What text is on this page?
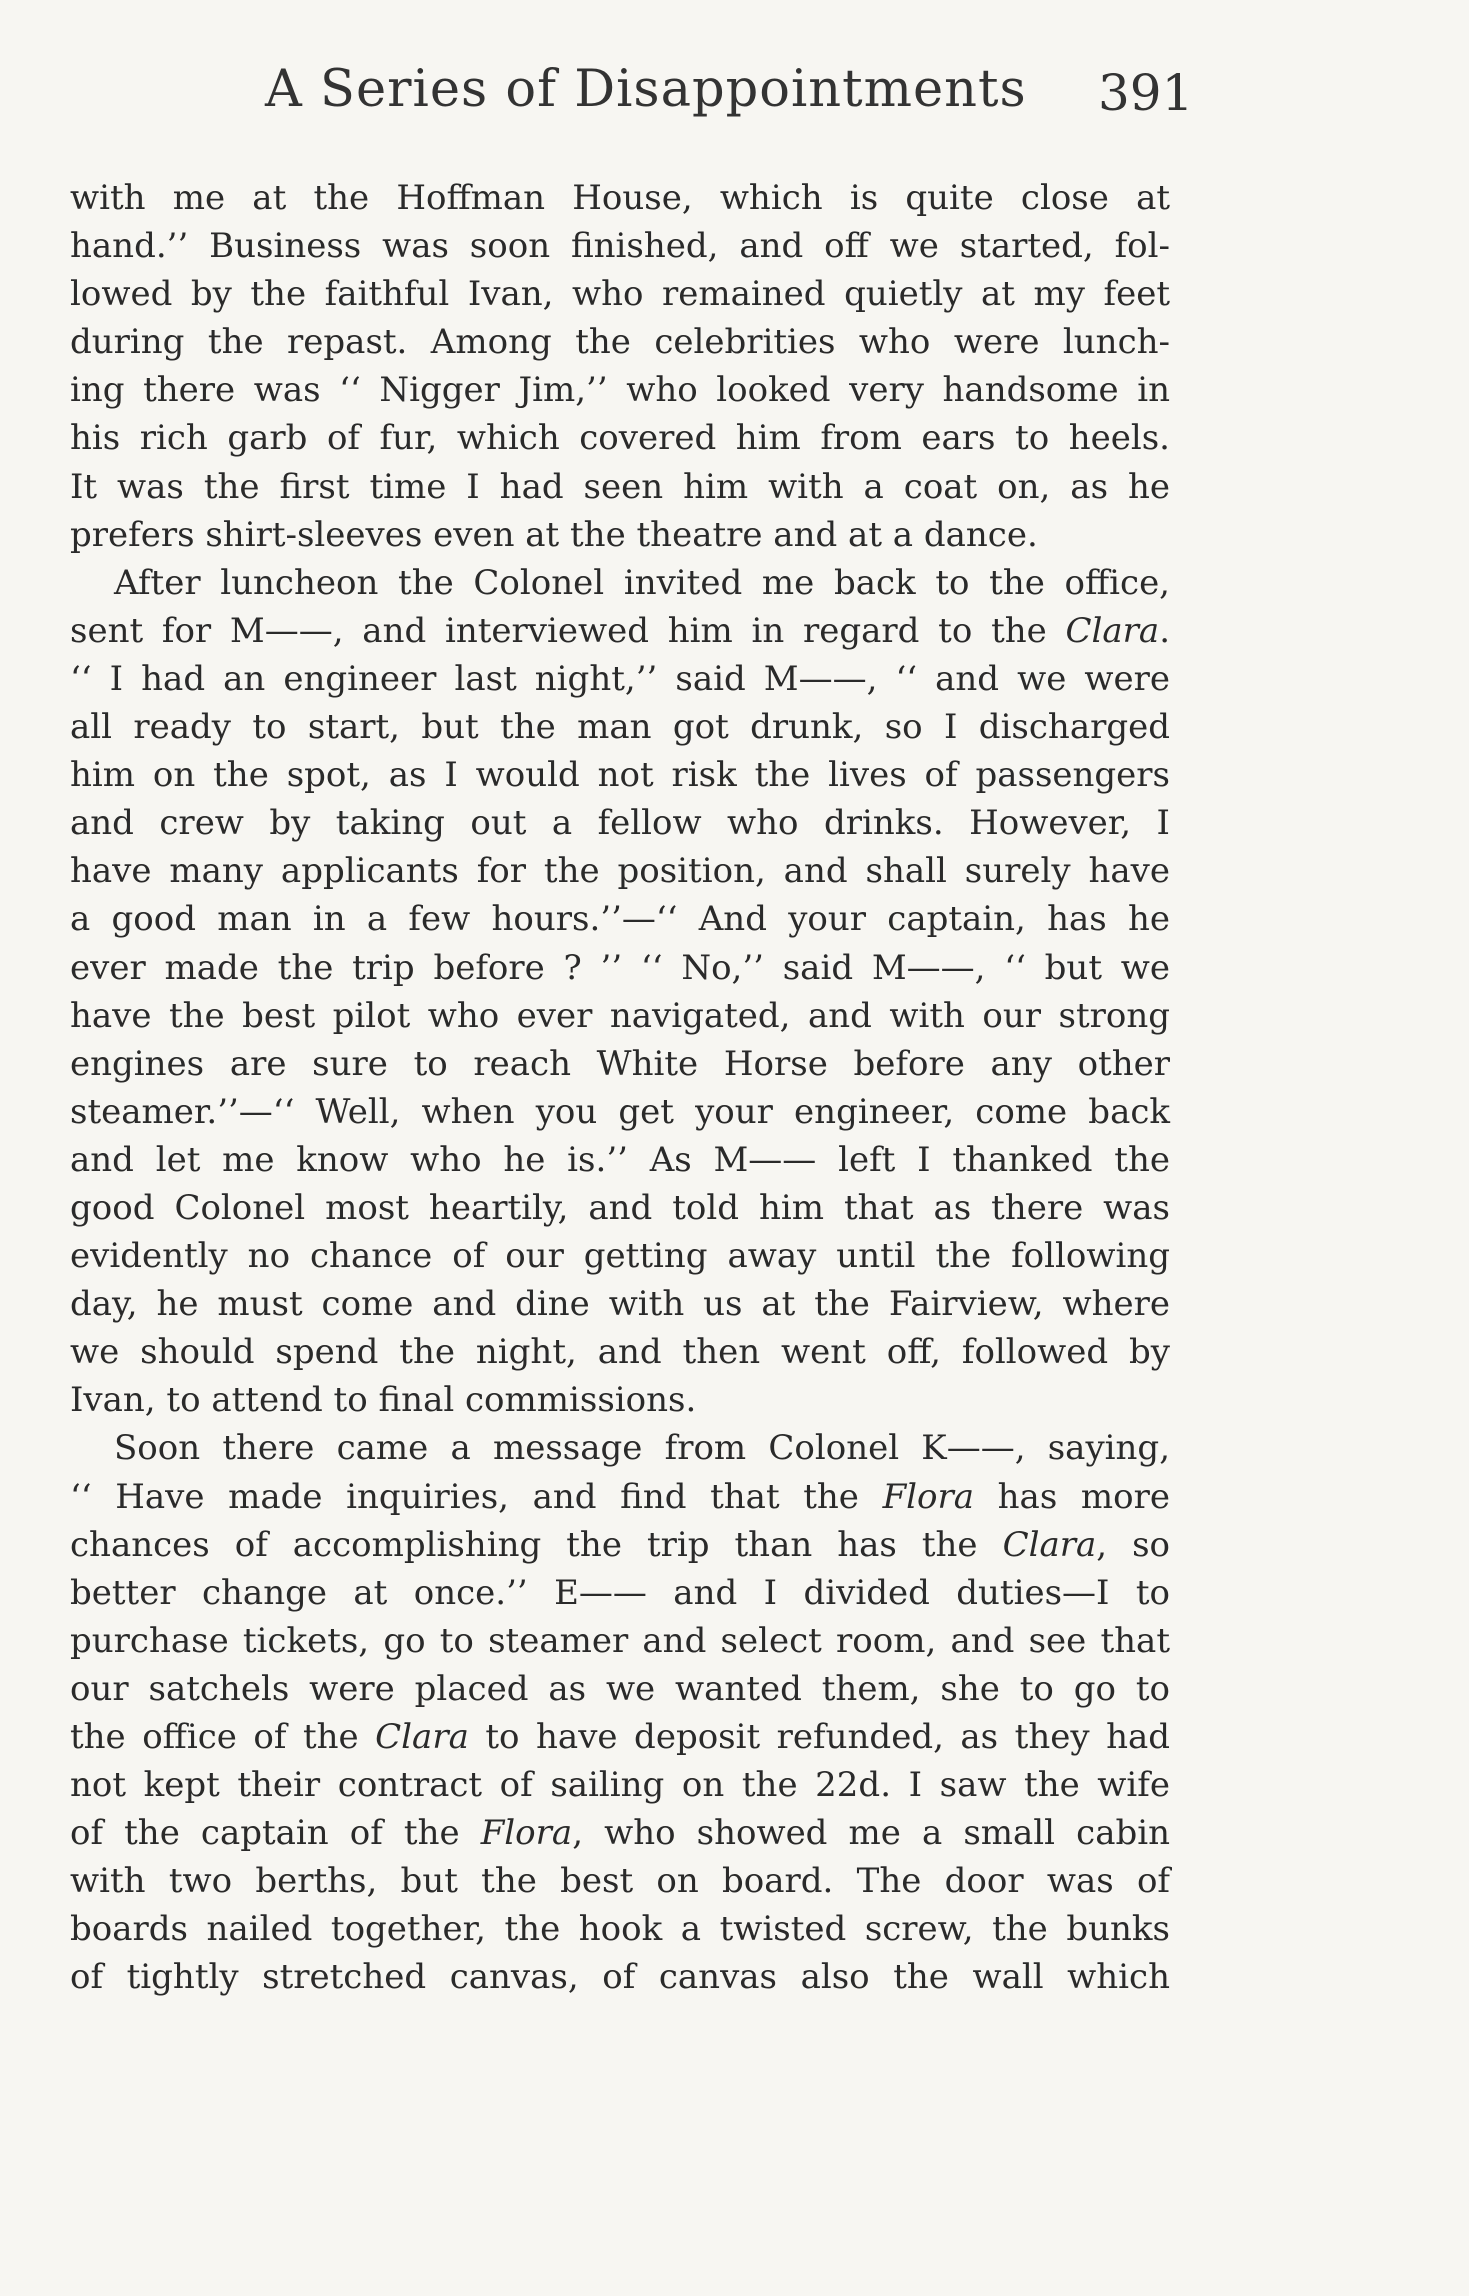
A Series of Disappointments 391
with me at the Hoffman House, which is quite close at
hand.’’ Business was soon finished, and off we started, fol-
lowed by the faithful Ivan, who remained quietly at my feet
during the repast. Among the celebrities who were lunch-
ing there was ‘‘ Nigger Jim,’’ who looked very handsome in
his rich garb of fur, which covered him from ears to heels.
It was the first time I had seen him with a coat on, as he
prefers shirt-sleeves even at the theatre and at a dance.
After luncheon the Colonel invited me back to the office,
sent for M——, and interviewed him in regard to the Clara.
‘‘ I had an engineer last night,’’ said M——, ‘‘ and we were
all ready to start, but the man got drunk, so I discharged
him on the spot, as I would not risk the lives of passengers
and crew by taking out a fellow who drinks. However, I
have many applicants for the position, and shall surely have
a good man in a few hours.’’—‘‘ And your captain, has he
ever made the trip before ? ’’ ‘‘ No,’’ said M——, ‘‘ but we
have the best pilot who ever navigated, and with our strong
engines are sure to reach White Horse before any other
steamer.’’—‘‘ Well, when you get your engineer, come back
and let me know who he is.’’ As M—— left I thanked the
good Colonel most heartily, and told him that as there was
evidently no chance of our getting away until the following
day, he must come and dine with us at the Fairview, where
we should spend the night, and then went off, followed by
Ivan, to attend to final commissions.
Soon there came a message from Colonel K——, saying,
‘‘ Have made inquiries, and find that the Flora has more
chances of accomplishing the trip than has the Clara, so
better change at once.’’ E—— and I divided duties—I to
purchase tickets, go to steamer and select room, and see that
our satchels were placed as we wanted them, she to go to
the office of the Clara to have deposit refunded, as they had
not kept their contract of sailing on the 22d. I saw the wife
of the captain of the Flora, who showed me a small cabin
with two berths, but the best on board. The door was of
boards nailed together, the hook a twisted screw, the bunks
of tightly stretched canvas, of canvas also the wall which
